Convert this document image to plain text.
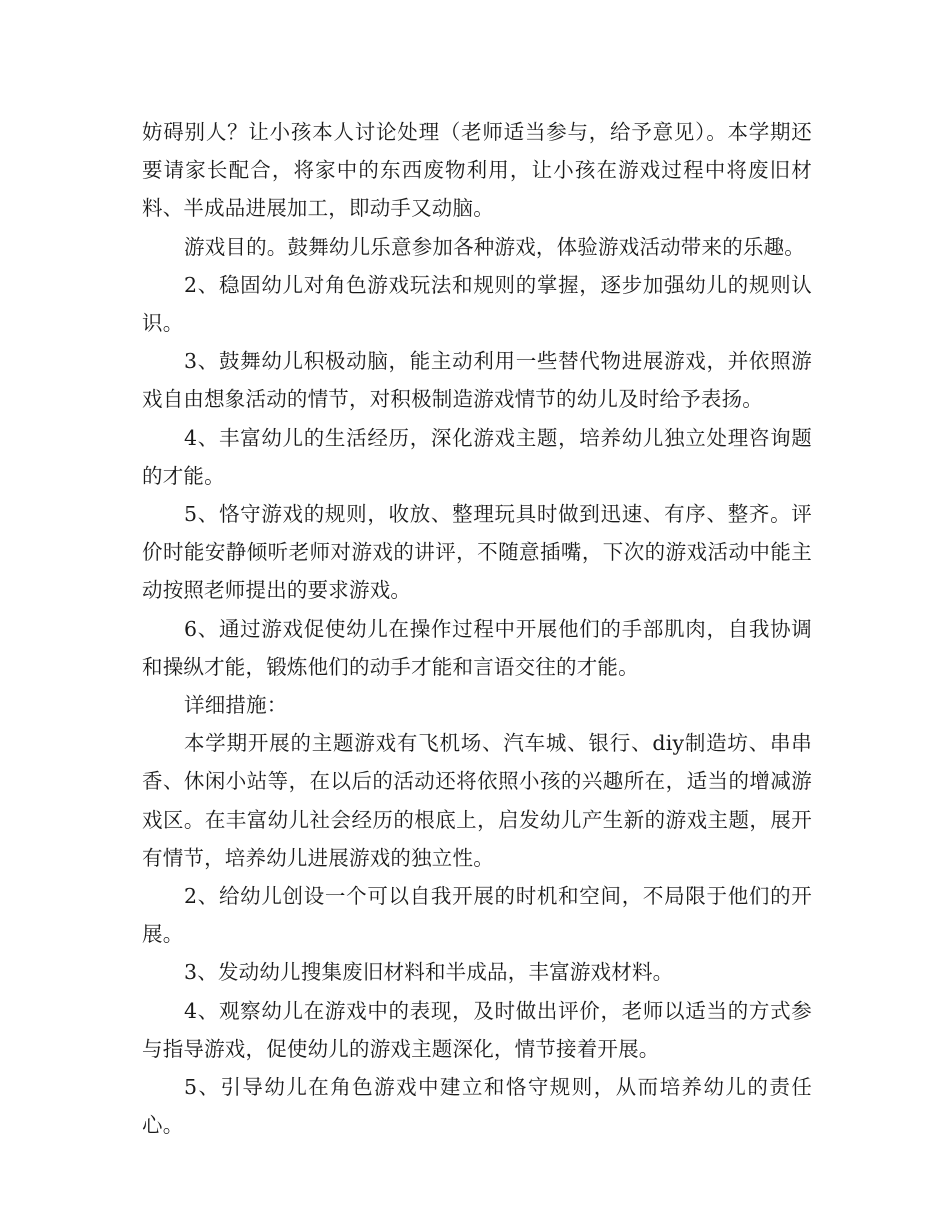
妨碍别人？让小孩本人讨论处理（老师适当参与，给予意见）。本学期还要请家长配合，将家中的东西废物利用，让小孩在游戏过程中将废旧材料、半成品进展加工，即动手又动脑。

游戏目的。鼓舞幼儿乐意参加各种游戏，体验游戏活动带来的乐趣。

2、稳固幼儿对角色游戏玩法和规则的掌握，逐步加强幼儿的规则认识。

3、鼓舞幼儿积极动脑，能主动利用一些替代物进展游戏，并依照游戏自由想象活动的情节，对积极制造游戏情节的幼儿及时给予表扬。

4、丰富幼儿的生活经历，深化游戏主题，培养幼儿独立处理咨询题的才能。

5、恪守游戏的规则，收放、整理玩具时做到迅速、有序、整齐。评价时能安静倾听老师对游戏的讲评，不随意插嘴，下次的游戏活动中能主动按照老师提出的要求游戏。

6、通过游戏促使幼儿在操作过程中开展他们的手部肌肉，自我协调和操纵才能，锻炼他们的动手才能和言语交往的才能。

详细措施：

本学期开展的主题游戏有飞机场、汽车城、银行、diy制造坊、串串香、休闲小站等，在以后的活动还将依照小孩的兴趣所在，适当的增减游戏区。在丰富幼儿社会经历的根底上，启发幼儿产生新的游戏主题，展开有情节，培养幼儿进展游戏的独立性。

2、给幼儿创设一个可以自我开展的时机和空间，不局限于他们的开展。

3、发动幼儿搜集废旧材料和半成品，丰富游戏材料。

4、观察幼儿在游戏中的表现，及时做出评价，老师以适当的方式参与指导游戏，促使幼儿的游戏主题深化，情节接着开展。

5、引导幼儿在角色游戏中建立和恪守规则，从而培养幼儿的责任心。
